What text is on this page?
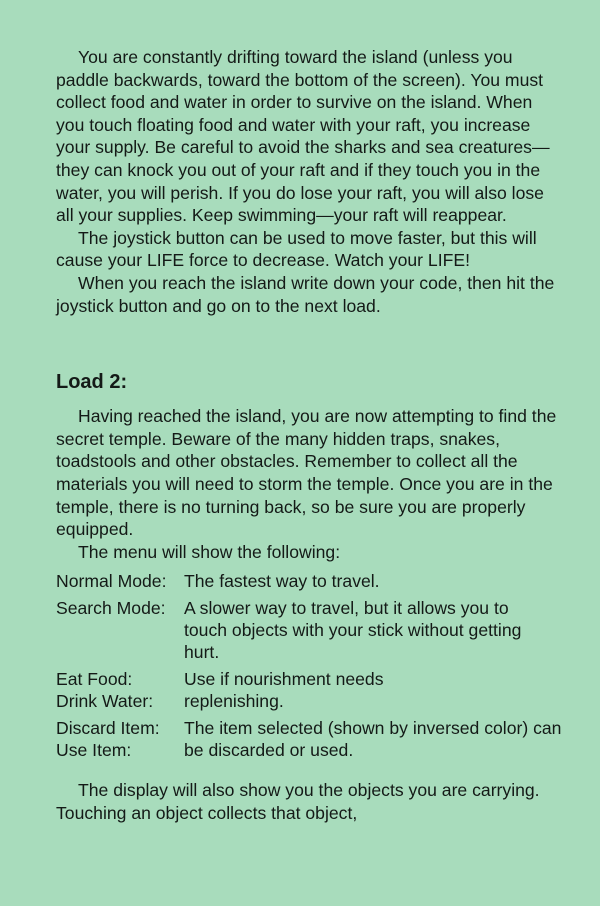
You are constantly drifting toward the island (unless you paddle backwards, toward the bottom of the screen). You must collect food and water in order to survive on the island. When you touch floating food and water with your raft, you increase your supply. Be careful to avoid the sharks and sea creatures—they can knock you out of your raft and if they touch you in the water, you will perish. If you do lose your raft, you will also lose all your supplies. Keep swimming—your raft will reappear.

The joystick button can be used to move faster, but this will cause your LIFE force to decrease. Watch your LIFE!

When you reach the island write down your code, then hit the joystick button and go on to the next load.

Load 2:

Having reached the island, you are now attempting to find the secret temple. Beware of the many hidden traps, snakes, toadstools and other obstacles. Remember to collect all the materials you will need to storm the temple. Once you are in the temple, there is no turning back, so be sure you are properly equipped.

The menu will show the following:

Normal Mode: The fastest way to travel.
Search Mode:	A slower way to travel, but it allows you to touch objects with your stick without getting hurt.
Eat Food:
Drink Water:
Use if nourishment needs replenishing.
Discard Item:
Use Item:
The item selected (shown by inversed color) can be discarded or used.

The display will also show you the objects you are carrying. Touching an object collects that object,
